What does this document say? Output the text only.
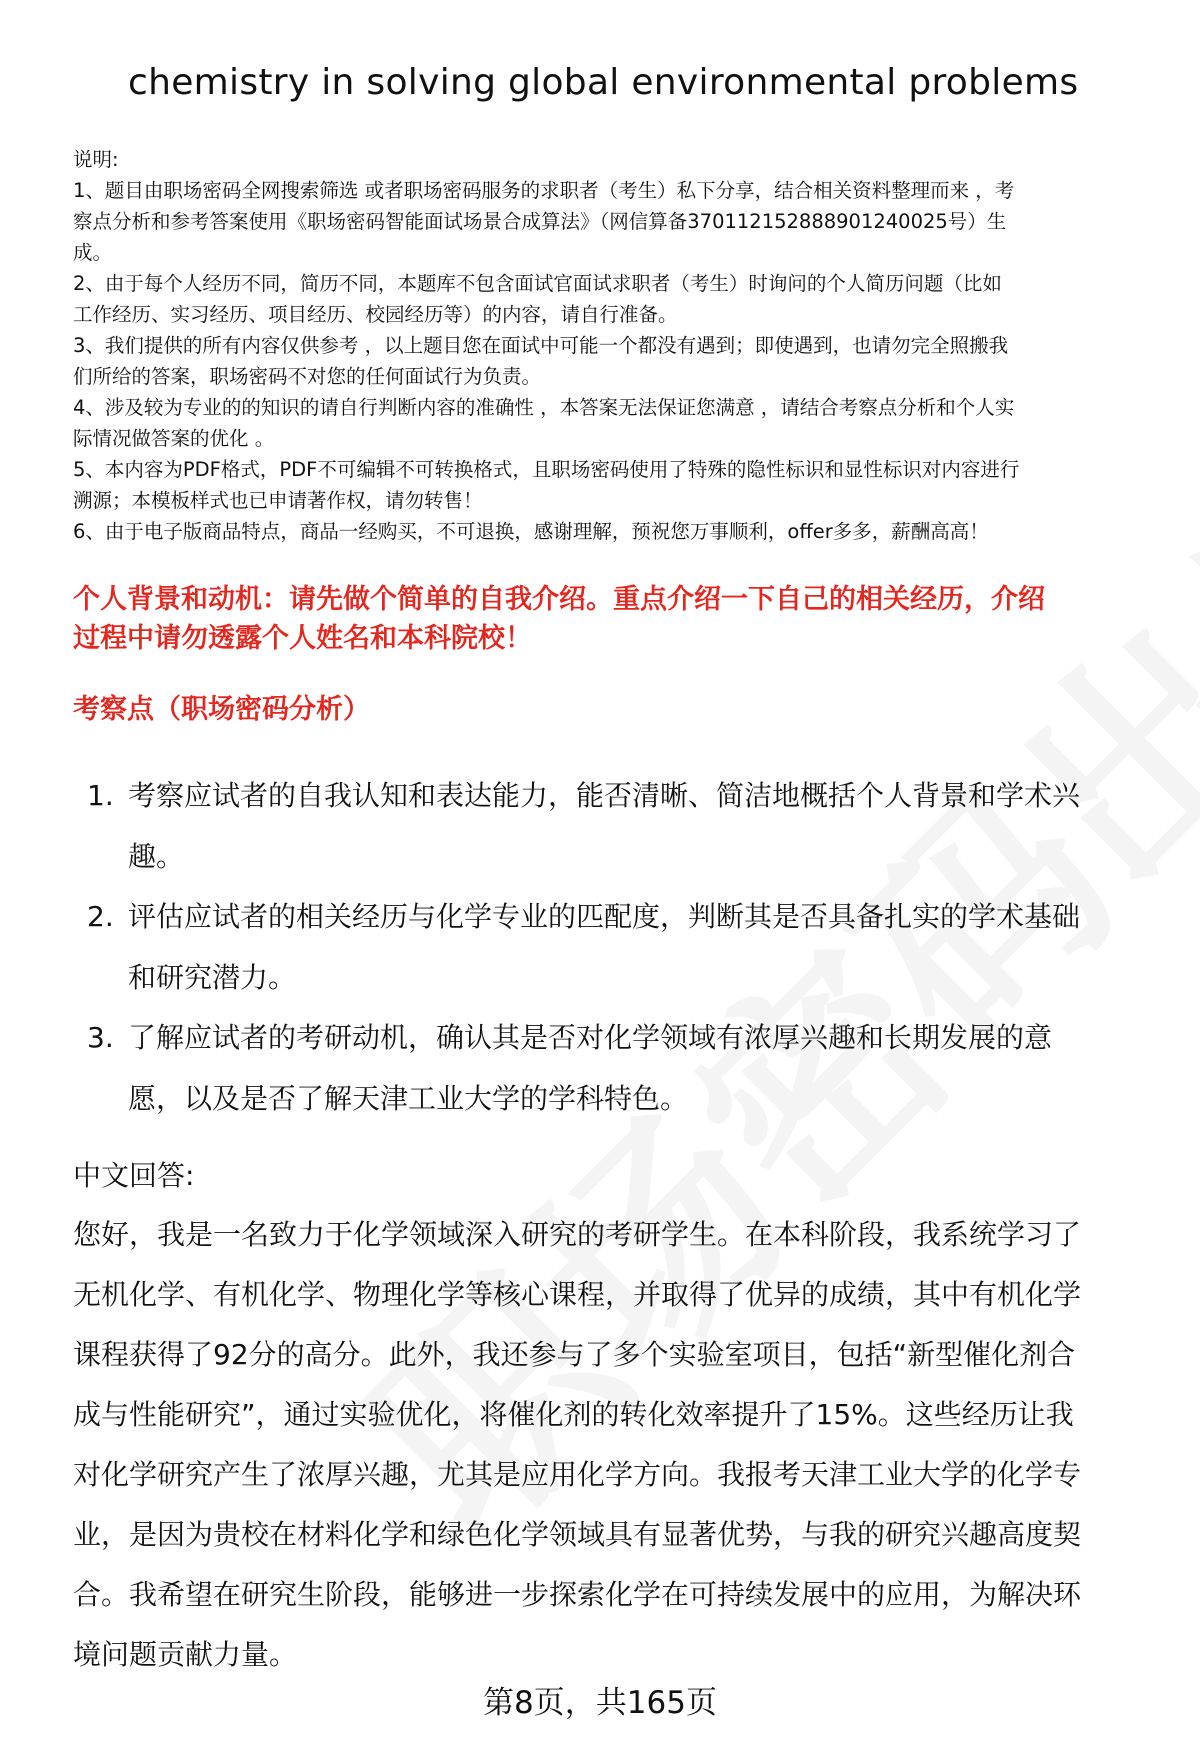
chemistry in solving global environmental problems
说明:
1、题目由职场密码全网搜索筛选 或者职场密码服务的求职者（考生）私下分享，结合相关资料整理而来 ，考
察点分析和参考答案使用《职场密码智能面试场景合成算法》（网信算备370112152888901240025号）生
成。
2、由于每个人经历不同，简历不同，本题库不包含面试官面试求职者（考生）时询问的个人简历问题（比如
工作经历、实习经历、项目经历、校园经历等）的内容，请自行准备。
3、我们提供的所有内容仅供参考 ，以上题目您在面试中可能一个都没有遇到；即使遇到，也请勿完全照搬我
们所给的答案，职场密码不对您的任何面试行为负责。
4、涉及较为专业的的知识的请自行判断内容的准确性 ，本答案无法保证您满意 ，请结合考察点分析和个人实
际情况做答案的优化 。
5、本内容为PDF格式，PDF不可编辑不可转换格式，且职场密码使用了特殊的隐性标识和显性标识对内容进行
溯源；本模板样式也已申请著作权，请勿转售！
6、由于电子版商品特点，商品一经购买，不可退换，感谢理解，预祝您万事顺利，offer多多，薪酬高高！
个人背景和动机：请先做个简单的自我介绍。重点介绍一下自己的相关经历，介绍
过程中请勿透露个人姓名和本科院校！
考察点（职场密码分析）
1. 考察应试者的自我认知和表达能力，能否清晰、简洁地概括个人背景和学术兴
趣。
2. 评估应试者的相关经历与化学专业的匹配度，判断其是否具备扎实的学术基础
和研究潜力。
3. 了解应试者的考研动机，确认其是否对化学领域有浓厚兴趣和长期发展的意
愿，以及是否了解天津工业大学的学科特色。
中文回答:
您好，我是一名致力于化学领域深入研究的考研学生。在本科阶段，我系统学习了
无机化学、有机化学、物理化学等核心课程，并取得了优异的成绩，其中有机化学
课程获得了92分的高分。此外，我还参与了多个实验室项目，包括“新型催化剂合
成与性能研究”，通过实验优化，将催化剂的转化效率提升了15%。这些经历让我
对化学研究产生了浓厚兴趣，尤其是应用化学方向。我报考天津工业大学的化学专
业，是因为贵校在材料化学和绿色化学领域具有显著优势，与我的研究兴趣高度契
合。我希望在研究生阶段，能够进一步探索化学在可持续发展中的应用，为解决环
境问题贡献力量。
第8页，共165页
